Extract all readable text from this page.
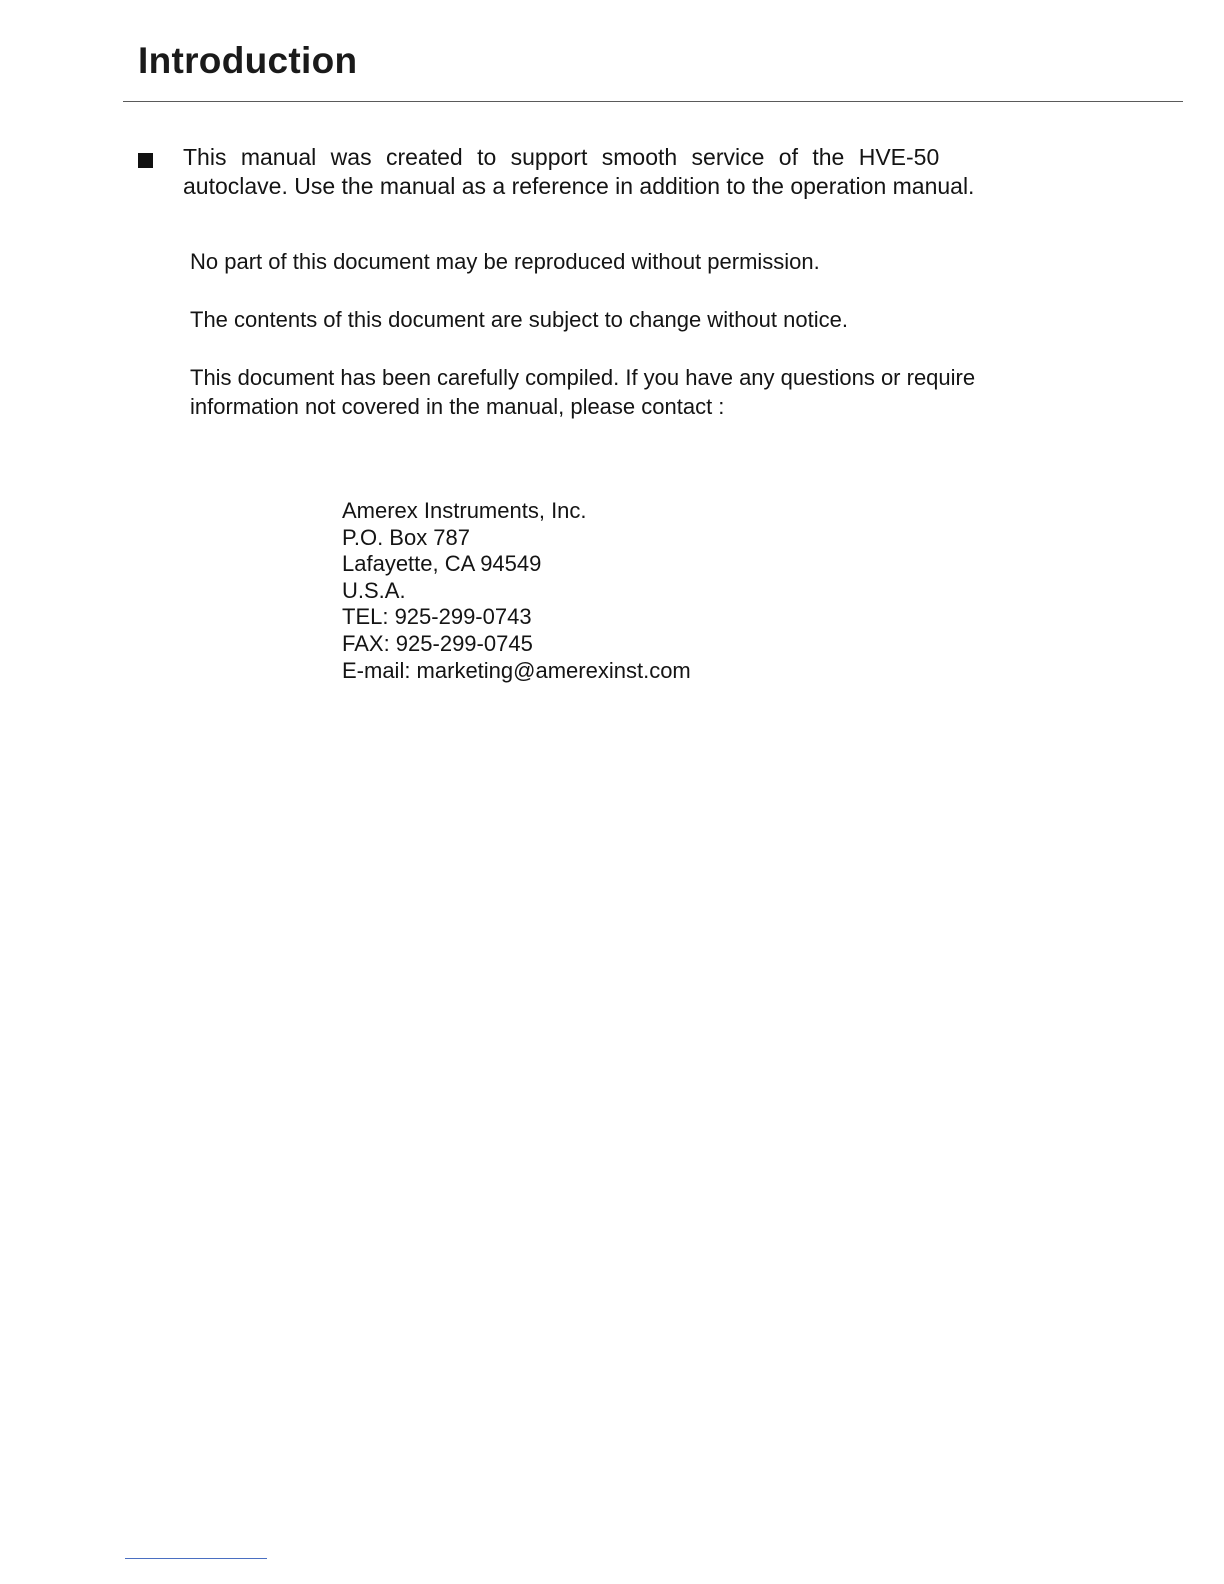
Introduction

This manual was created to support smooth service of the HVE-50
autoclave. Use the manual as a reference in addition to the operation manual.

No part of this document may be reproduced without permission.

The contents of this document are subject to change without notice.

This document has been carefully compiled. If you have any questions or require
information not covered in the manual, please contact :

Amerex Instruments, Inc.
P.O. Box 787
Lafayette, CA 94549
U.S.A.
TEL: 925-299-0743
FAX: 925-299-0745
E-mail: marketing@amerexinst.com
